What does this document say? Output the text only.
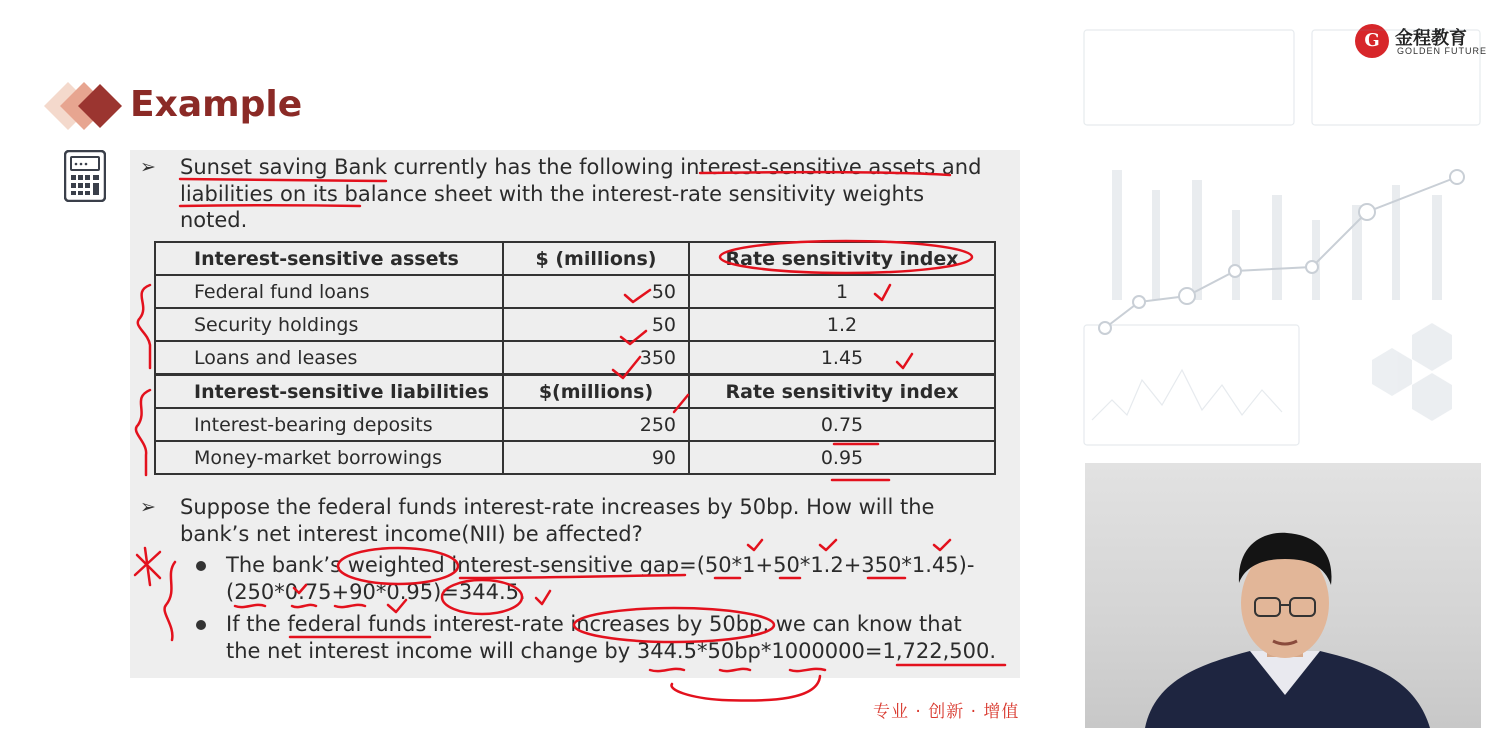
Example
➢ Sunset saving Bank currently has the following interest-sensitive assets and
liabilities on its balance sheet with the interest-rate sensitivity weights
noted.
Interest-sensitive assets	$ (millions)	Rate sensitivity index
Federal fund loans	50	1
Security holdings	50	1.2
Loans and leases	350	1.45
Interest-sensitive liabilities	$(millions)	Rate sensitivity index
Interest-bearing deposits	250	0.75
Money-market borrowings	90	0.95
➢ Suppose the federal funds interest-rate increases by 50bp. How will the
bank’s net interest income(NII) be affected?
The bank’s weighted interest-sensitive gap=(50*1+50*1.2+350*1.45)-
(250*0.75+90*0.95)=344.5.
If the federal funds interest-rate increases by 50bp, we can know that
the net interest income will change by 344.5*50bp*1000000=1,722,500.
专业 · 创新 · 增值
G 金程教育
GOLDEN FUTURE
